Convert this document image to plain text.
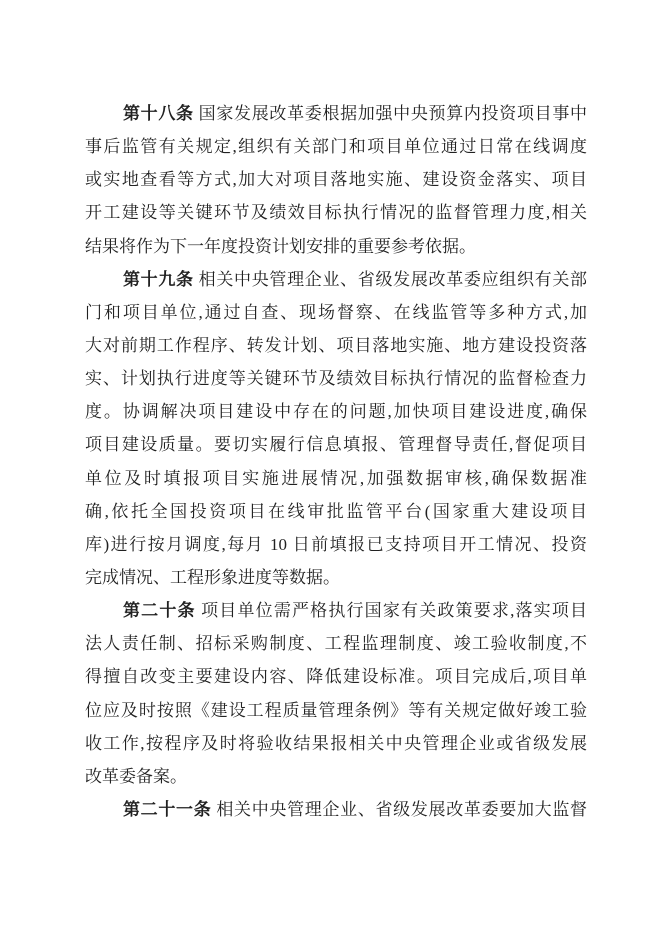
第十八条 国家发展改革委根据加强中央预算内投资项目事中
事后监管有关规定,组织有关部门和项目单位通过日常在线调度
或实地查看等方式,加大对项目落地实施、建设资金落实、项目
开工建设等关键环节及绩效目标执行情况的监督管理力度,相关
结果将作为下一年度投资计划安排的重要参考依据。
第十九条 相关中央管理企业、省级发展改革委应组织有关部
门和项目单位,通过自查、现场督察、在线监管等多种方式,加
大对前期工作程序、转发计划、项目落地实施、地方建设投资落
实、计划执行进度等关键环节及绩效目标执行情况的监督检查力
度。协调解决项目建设中存在的问题,加快项目建设进度,确保
项目建设质量。要切实履行信息填报、管理督导责任,督促项目
单位及时填报项目实施进展情况,加强数据审核,确保数据准
确,依托全国投资项目在线审批监管平台(国家重大建设项目
库)进行按月调度,每月 10 日前填报已支持项目开工情况、投资
完成情况、工程形象进度等数据。
第二十条 项目单位需严格执行国家有关政策要求,落实项目
法人责任制、招标采购制度、工程监理制度、竣工验收制度,不
得擅自改变主要建设内容、降低建设标准。项目完成后,项目单
位应及时按照《建设工程质量管理条例》等有关规定做好竣工验
收工作,按程序及时将验收结果报相关中央管理企业或省级发展
改革委备案。
第二十一条 相关中央管理企业、省级发展改革委要加大监督
